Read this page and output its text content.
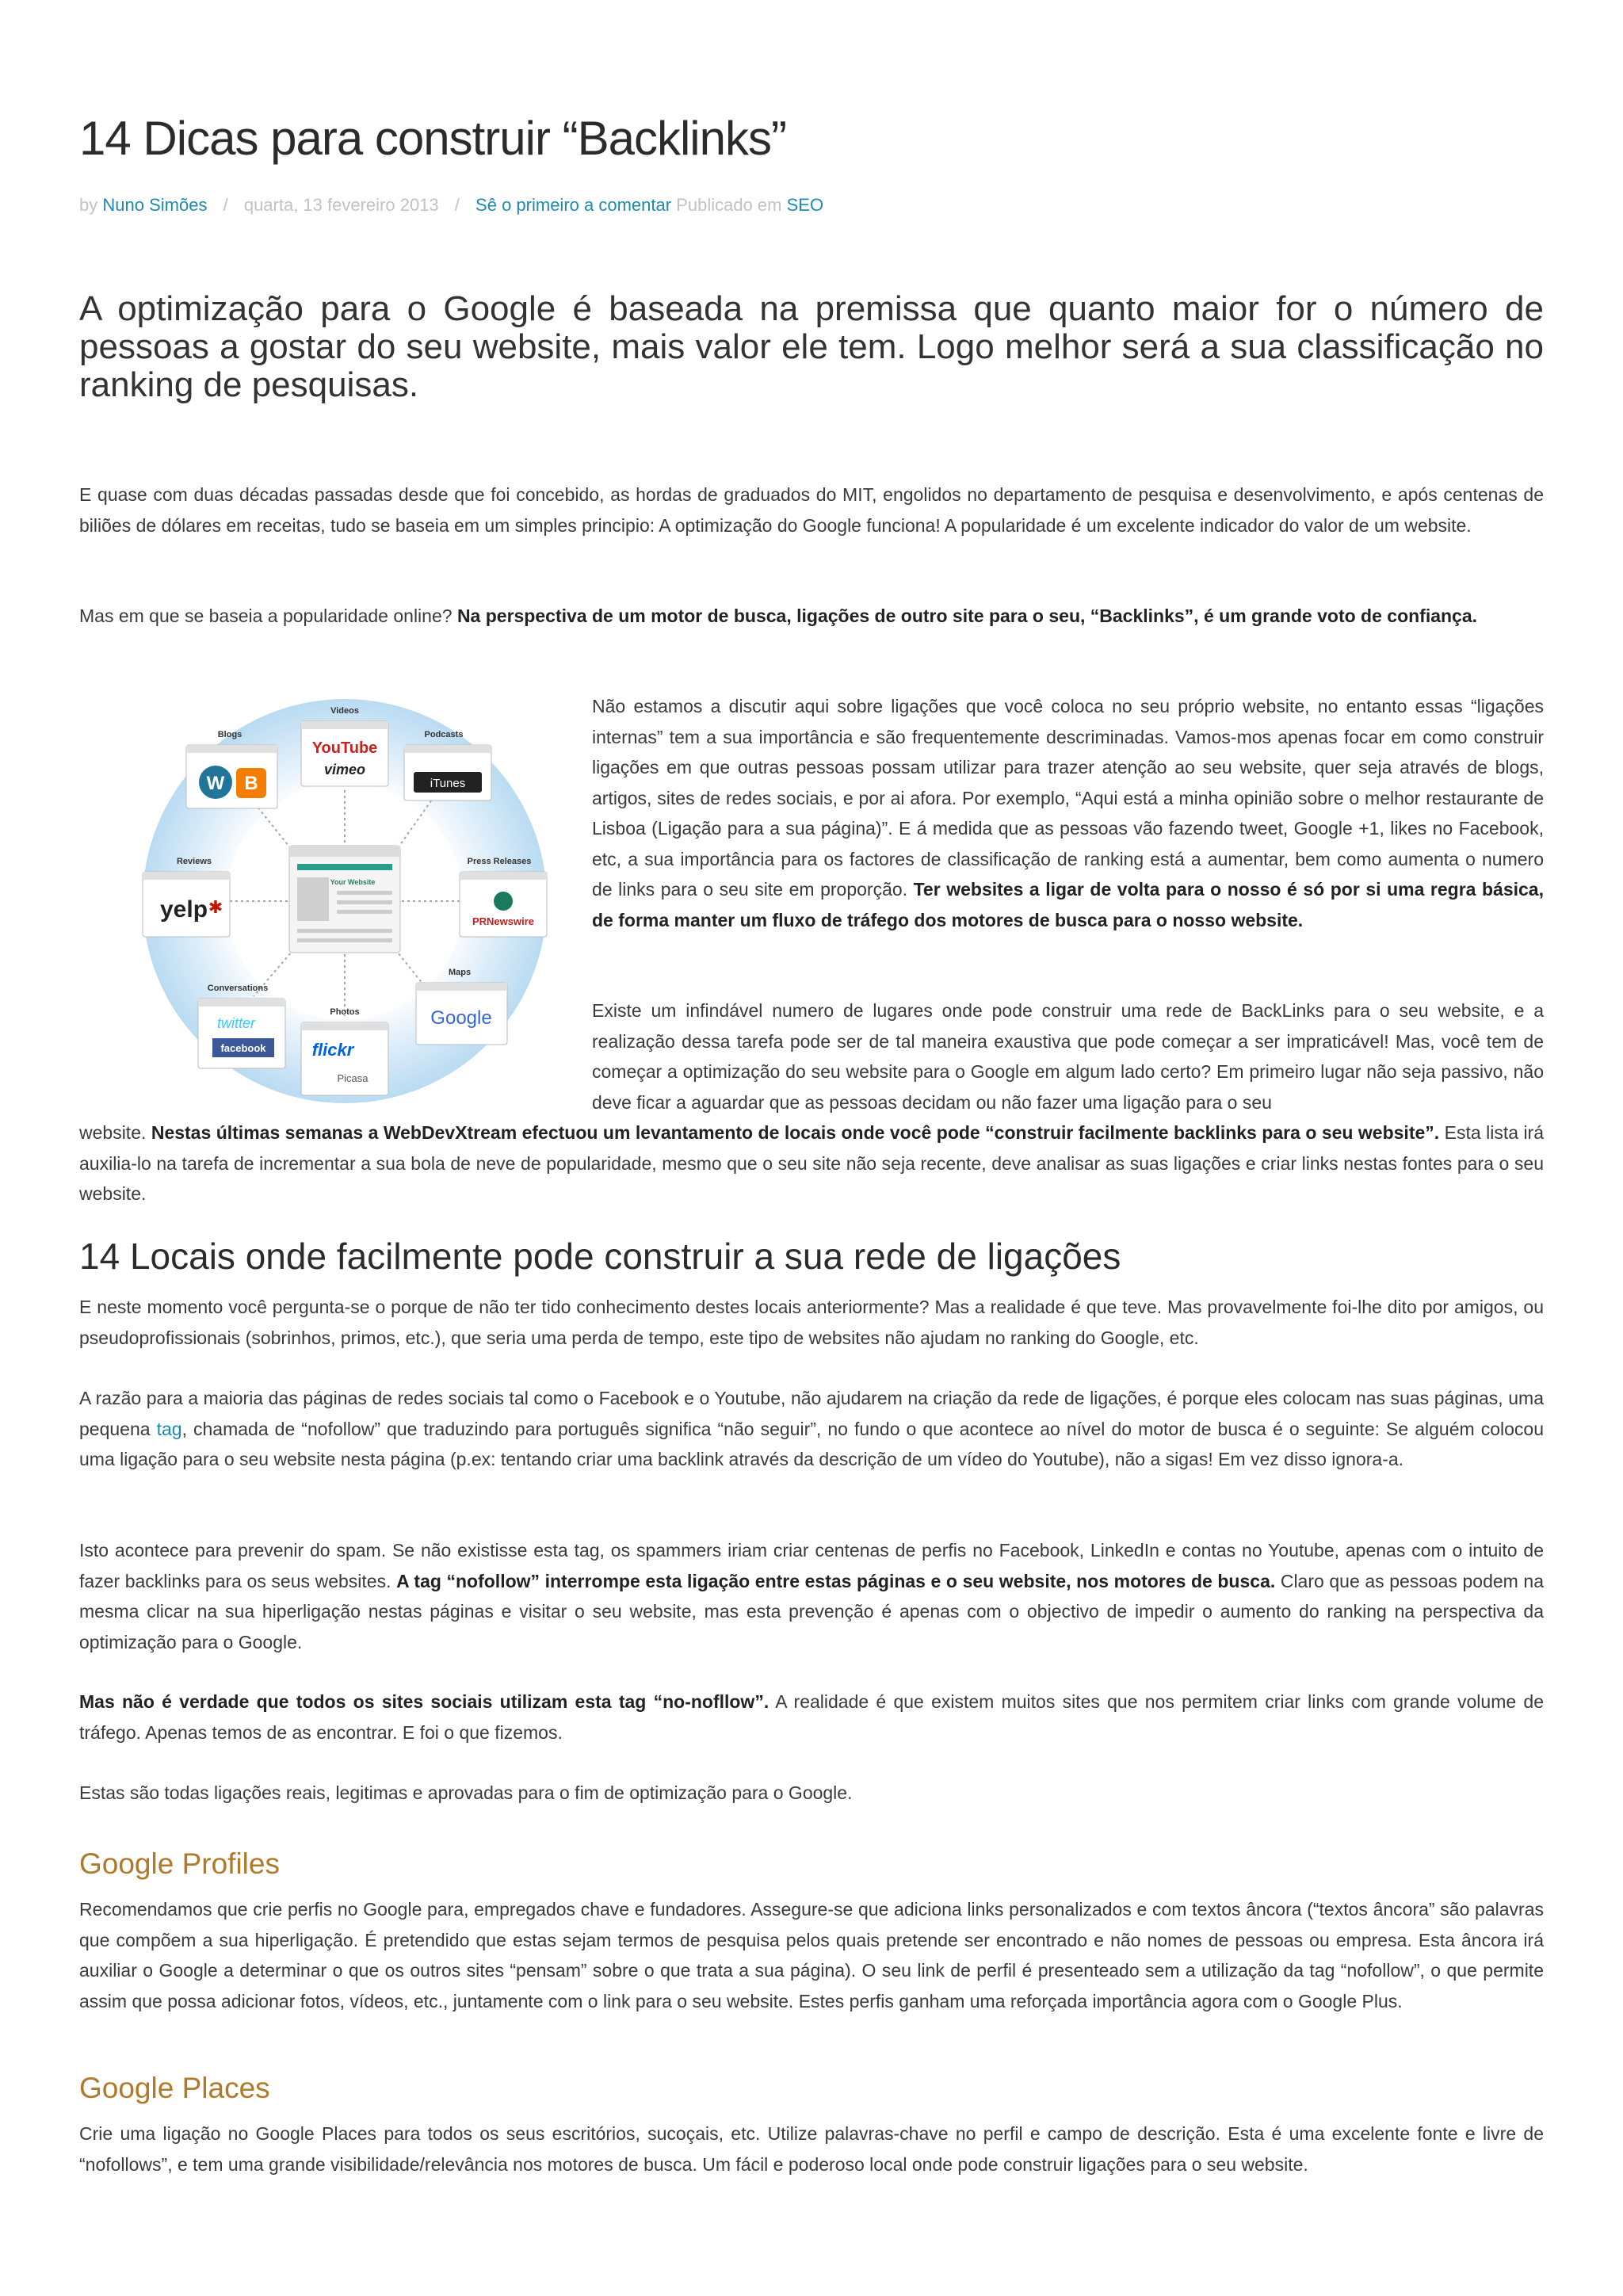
14 Dicas para construir “Backlinks”
by Nuno Simões / quarta, 13 fevereiro 2013 / Sê o primeiro a comentar Publicado em SEO

A optimização para o Google é baseada na premissa que quanto maior for o número de pessoas a gostar do seu website, mais valor ele tem. Logo melhor será a sua classificação no ranking de pesquisas.

E quase com duas décadas passadas desde que foi concebido, as hordas de graduados do MIT, engolidos no departamento de pesquisa e desenvolvimento, e após centenas de biliões de dólares em receitas, tudo se baseia em um simples principio: A optimização do Google funciona! A popularidade é um excelente indicador do valor de um website.

Mas em que se baseia a popularidade online? Na perspectiva de um motor de busca, ligações de outro site para o seu, “Backlinks”, é um grande voto de confiança.

Your Website
Videos
YouTube
vimeo
Podcasts
iTunes
Press Releases
PRNewswire
Maps
Google
Photos
flickr
Picasa
Conversations
twitter
facebook
Reviews
yelp ✱
Blogs
W B

Não estamos a discutir aqui sobre ligações que você coloca no seu próprio website, no entanto essas “ligações internas” tem a sua importância e são frequentemente descriminadas. Vamos-mos apenas focar em como construir ligações em que outras pessoas possam utilizar para trazer atenção ao seu website, quer seja através de blogs, artigos, sites de redes sociais, e por ai afora. Por exemplo, “Aqui está a minha opinião sobre o melhor restaurante de Lisboa (Ligação para a sua página)”. E á medida que as pessoas vão fazendo tweet, Google +1, likes no Facebook, etc, a sua importância para os factores de classificação de ranking está a aumentar, bem como aumenta o numero de links para o seu site em proporção. Ter websites a ligar de volta para o nosso é só por si uma regra básica, de forma manter um fluxo de tráfego dos motores de busca para o nosso website.

Existe um infindável numero de lugares onde pode construir uma rede de BackLinks para o seu website, e a realização dessa tarefa pode ser de tal maneira exaustiva que pode começar a ser impraticável! Mas, você tem de começar a optimização do seu website para o Google em algum lado certo? Em primeiro lugar não seja passivo, não deve ficar a aguardar que as pessoas decidam ou não fazer uma ligação para o seu

website. Nestas últimas semanas a WebDevXtream efectuou um levantamento de locais onde você pode “construir facilmente backlinks para o seu website”. Esta lista irá auxilia-lo na tarefa de incrementar a sua bola de neve de popularidade, mesmo que o seu site não seja recente, deve analisar as suas ligações e criar links nestas fontes para o seu website.

14 Locais onde facilmente pode construir a sua rede de ligações

E neste momento você pergunta-se o porque de não ter tido conhecimento destes locais anteriormente? Mas a realidade é que teve. Mas provavelmente foi-lhe dito por amigos, ou pseudoprofissionais (sobrinhos, primos, etc.), que seria uma perda de tempo, este tipo de websites não ajudam no ranking do Google, etc.

A razão para a maioria das páginas de redes sociais tal como o Facebook e o Youtube, não ajudarem na criação da rede de ligações, é porque eles colocam nas suas páginas, uma pequena tag, chamada de “nofollow” que traduzindo para português significa “não seguir”, no fundo o que acontece ao nível do motor de busca é o seguinte: Se alguém colocou uma ligação para o seu website nesta página (p.ex: tentando criar uma backlink através da descrição de um vídeo do Youtube), não a sigas! Em vez disso ignora-a.

Isto acontece para prevenir do spam. Se não existisse esta tag, os spammers iriam criar centenas de perfis no Facebook, LinkedIn e contas no Youtube, apenas com o intuito de fazer backlinks para os seus websites. A tag “nofollow” interrompe esta ligação entre estas páginas e o seu website, nos motores de busca. Claro que as pessoas podem na mesma clicar na sua hiperligação nestas páginas e visitar o seu website, mas esta prevenção é apenas com o objectivo de impedir o aumento do ranking na perspectiva da optimização para o Google.

Mas não é verdade que todos os sites sociais utilizam esta tag “no-nofllow”. A realidade é que existem muitos sites que nos permitem criar links com grande volume de tráfego. Apenas temos de as encontrar. E foi o que fizemos.

Estas são todas ligações reais, legitimas e aprovadas para o fim de optimização para o Google.

Google Profiles

Recomendamos que crie perfis no Google para, empregados chave e fundadores. Assegure-se que adiciona links personalizados e com textos âncora (“textos âncora” são palavras que compõem a sua hiperligação. É pretendido que estas sejam termos de pesquisa pelos quais pretende ser encontrado e não nomes de pessoas ou empresa. Esta âncora irá auxiliar o Google a determinar o que os outros sites “pensam” sobre o que trata a sua página). O seu link de perfil é presenteado sem a utilização da tag “nofollow”, o que permite assim que possa adicionar fotos, vídeos, etc., juntamente com o link para o seu website. Estes perfis ganham uma reforçada importância agora com o Google Plus.

Google Places

Crie uma ligação no Google Places para todos os seus escritórios, sucoçais, etc. Utilize palavras-chave no perfil e campo de descrição. Esta é uma excelente fonte e livre de “nofollows”, e tem uma grande visibilidade/relevância nos motores de busca. Um fácil e poderoso local onde pode construir ligações para o seu website.
